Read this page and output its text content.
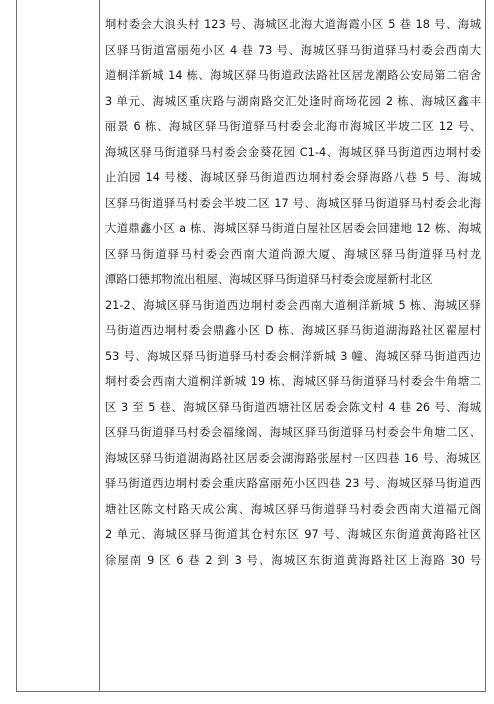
垌村委会大浪头村 123 号、海城区北海大道海霞小区 5 巷 18 号、海城
区驿马街道富丽苑小区 4 巷 73 号、海城区驿马街道驿马村委会西南大
道桐洋新城 14 栋、海城区驿马街道政法路社区居龙潮路公安局第二宿舍
3 单元、海城区重庆路与湖南路交汇处逢时商场花园 2 栋、海城区鑫丰
丽景 6 栋、海城区驿马街道驿马村委会北海市海城区半坡二区 12 号、
海城区驿马街道驿马村委会金葵花园 C1-4、海城区驿马街道西边垌村委
止泊园 14 号楼、海城区驿马街道西边垌村委会驿海路八巷 5 号、海城
区驿马街道驿马村委会半坡二区 17 号、海城区驿马街道驿马村委会北海
大道鼎鑫小区 a 栋、海城区驿马街道白屋社区居委会回建地 12 栋、海城
区驿马街道驿马村委会西南大道尚源大厦、海城区驿马街道驿马村龙
潭路口德邦物流出租屋、海城区驿马街道驿马村委会庞屋新村北区
21-2、海城区驿马街道西边垌村委会西南大道桐洋新城 5 栋、海城区驿
马街道西边垌村委会鼎鑫小区 D 栋、海城区驿马街道湖海路社区翟屋村
53 号、海城区驿马街道驿马村委会桐洋新城 3 幢、海城区驿马街道西边
垌村委会西南大道桐洋新城 19 栋、海城区驿马街道驿马村委会牛角塘二
区 3 至 5 巷、海城区驿马街道西塘社区居委会陈文村 4 巷 26 号、海城
区驿马街道驿马村委会福缘阁、海城区驿马街道驿马村委会牛角塘二区、
海城区驿马街道湖海路社区居委会湖海路张屋村一区四巷 16 号、海城区
驿马街道西边垌村委会重庆路富丽苑小区四巷 23 号、海城区驿马街道西
塘社区陈文村路天成公寓、海城区驿马街道驿马村委会西南大道福元阁
2 单元、海城区驿马街道其仓村东区 97 号、海城区东街道黄海路社区
徐屋南 9 区 6 巷 2 到 3 号、海城区东街道黄海路社区上海路 30 号
